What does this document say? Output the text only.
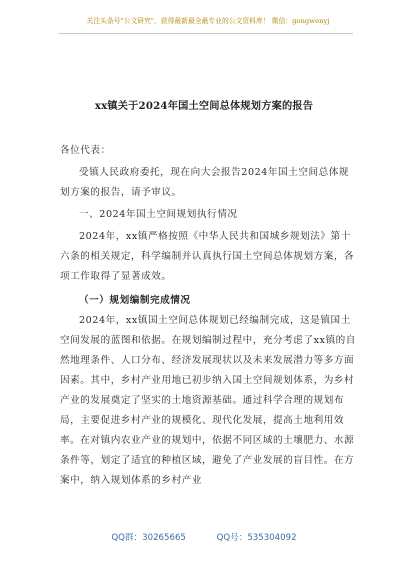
关注头条号"公文研究"，获得最新最全最专业的公文资料库！ 微信：gongwenyj
xx镇关于2024年国土空间总体规划方案的报告
各位代表：
受镇人民政府委托，现在向大会报告2024年国土空间总体规划方案的报告，请予审议。
一、2024年国土空间规划执行情况
2024年，xx镇严格按照《中华人民共和国城乡规划法》第十六条的相关规定，科学编制并认真执行国土空间总体规划方案，各项工作取得了显著成效。
（一）规划编制完成情况
2024年，xx镇国土空间总体规划已经编制完成，这是镇国土空间发展的蓝图和依据。在规划编制过程中，充分考虑了xx镇的自然地理条件、人口分布、经济发展现状以及未来发展潜力等多方面因素。其中，乡村产业用地已初步纳入国土空间规划体系，为乡村产业的发展奠定了坚实的土地资源基础。通过科学合理的规划布局，主要促进乡村产业的规模化、现代化发展，提高土地利用效率。在对镇内农业产业的规划中，依据不同区域的土壤肥力、水源条件等，划定了适宜的种植区域，避免了产业发展的盲目性。在方案中，纳入规划体系的乡村产业
QQ群：30265665	QQ号：535304092
